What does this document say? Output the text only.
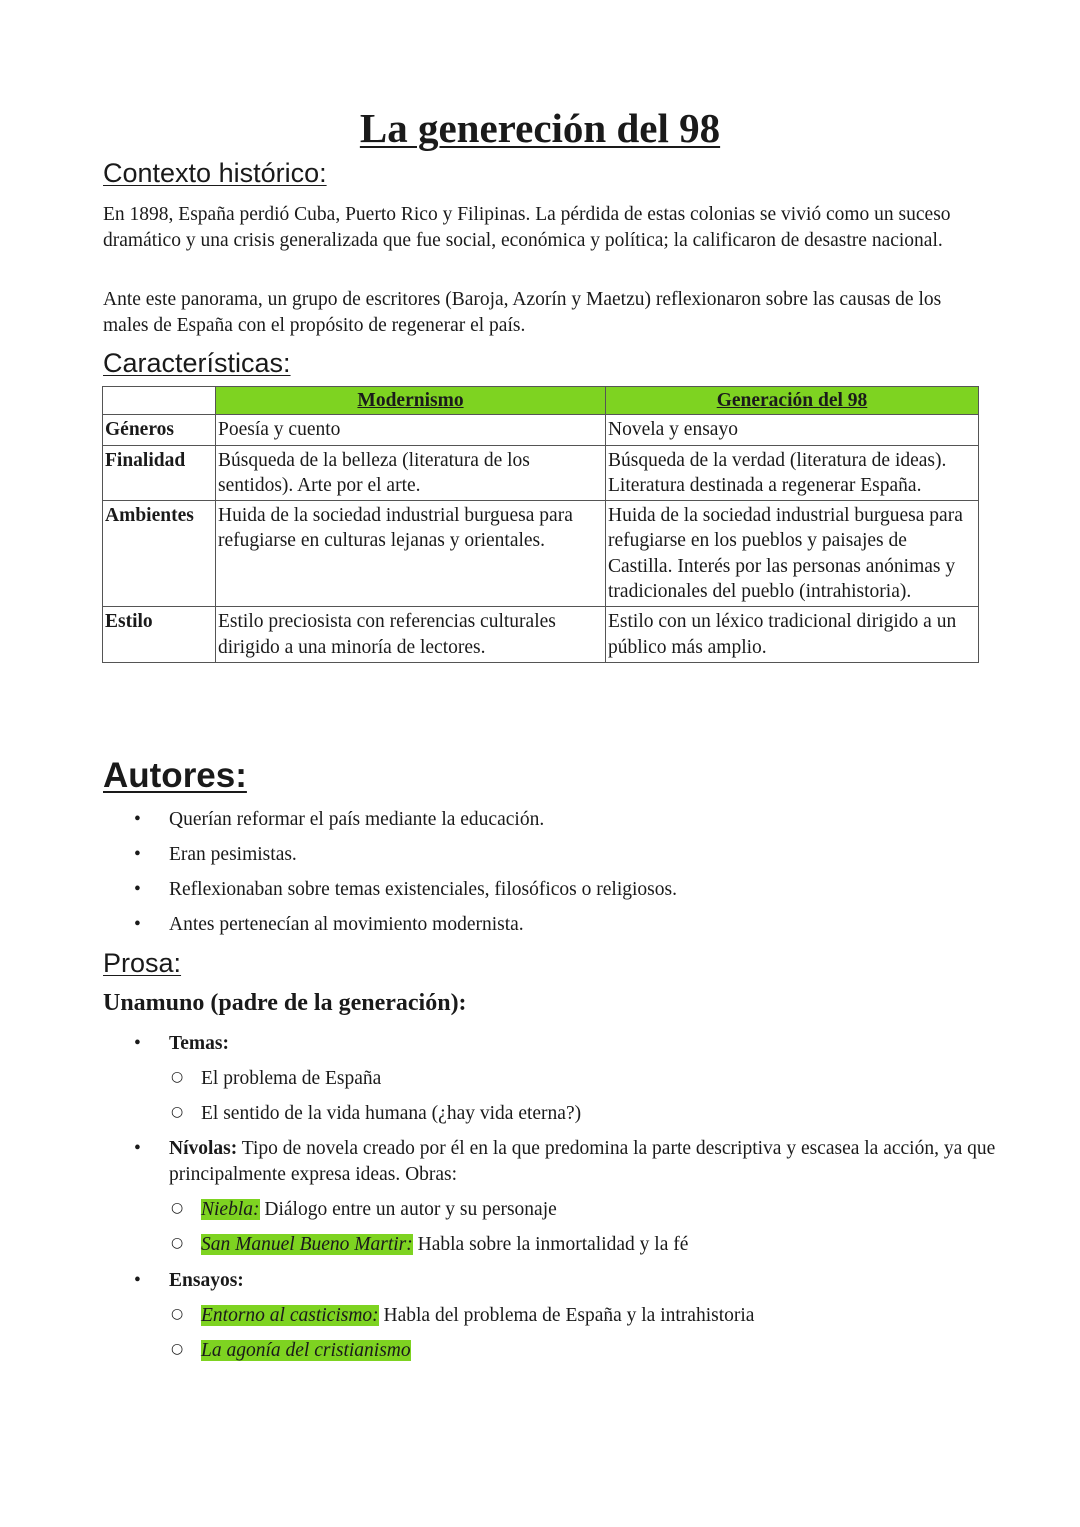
La genereción del 98
Contexto histórico:

En 1898, España perdió Cuba, Puerto Rico y Filipinas. La pérdida de estas colonias se vivió como un suceso dramático y una crisis generalizada que fue social, económica y política; la calificaron de desastre nacional.

Ante este panorama, un grupo de escritores (Baroja, Azorín y Maetzu) reflexionaron sobre las causas de los males de España con el propósito de regenerar el país.

Características:
	Modernismo	Generación del 98
Géneros	Poesía y cuento	Novela y ensayo
Finalidad	Búsqueda de la belleza (literatura de los sentidos). Arte por el arte.	Búsqueda de la verdad (literatura de ideas). Literatura destinada a regenerar España.
Ambientes	Huida de la sociedad industrial burguesa para refugiarse en culturas lejanas y orientales.	Huida de la sociedad industrial burguesa para refugiarse en los pueblos y paisajes de Castilla. Interés por las personas anónimas y tradicionales del pueblo (intrahistoria).
Estilo	Estilo preciosista con referencias culturales dirigido a una minoría de lectores.	Estilo con un léxico tradicional dirigido a un público más amplio.
Autores:
• Querían reformar el país mediante la educación.
• Eran pesimistas.
• Reflexionaban sobre temas existenciales, filosóficos o religiosos.
• Antes pertenecían al movimiento modernista.
Prosa:
Unamuno (padre de la generación):
• Temas:
○ El problema de España
○ El sentido de la vida humana (¿hay vida eterna?)
• Nívolas: Tipo de novela creado por él en la que predomina la parte descriptiva y escasea la acción, ya que principalmente expresa ideas. Obras:
○ Niebla: Diálogo entre un autor y su personaje
○ San Manuel Bueno Martir: Habla sobre la inmortalidad y la fé
• Ensayos:
○ Entorno al casticismo: Habla del problema de España y la intrahistoria
○ La agonía del cristianismo
